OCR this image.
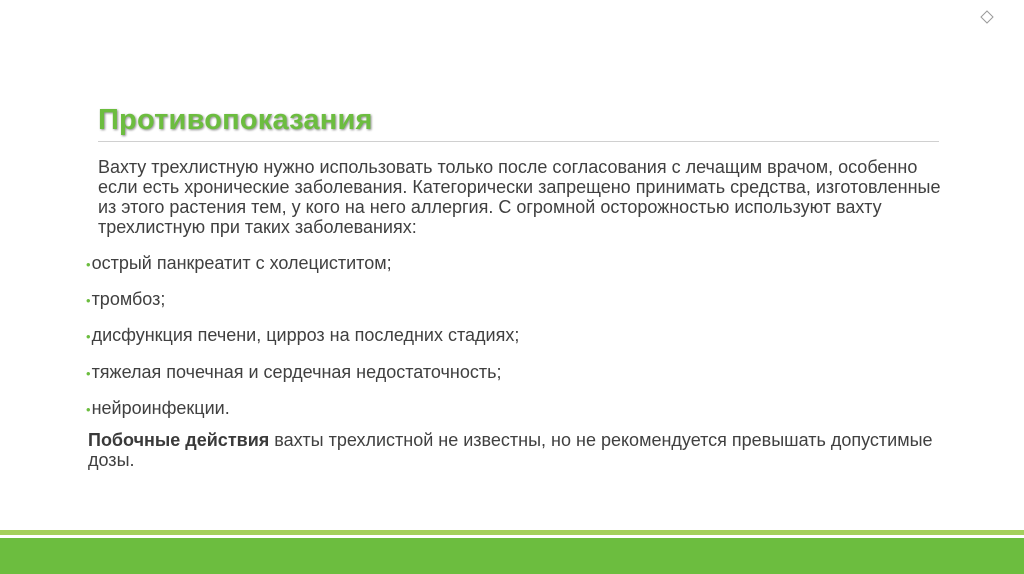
Противопоказания

Вахту трехлистную нужно использовать только после согласования с лечащим врачом, особенно если есть хронические заболевания. Категорически запрещено принимать средства, изготовленные из этого растения тем, у кого на него аллергия. С огромной осторожностью используют вахту трехлистную при таких заболеваниях:

•острый панкреатит с холециститом;
•тромбоз;
•дисфункция печени, цирроз на последних стадиях;
•тяжелая почечная и сердечная недостаточность;
•нейроинфекции.

Побочные действия вахты трехлистной не известны, но не рекомендуется превышать допустимые дозы.
